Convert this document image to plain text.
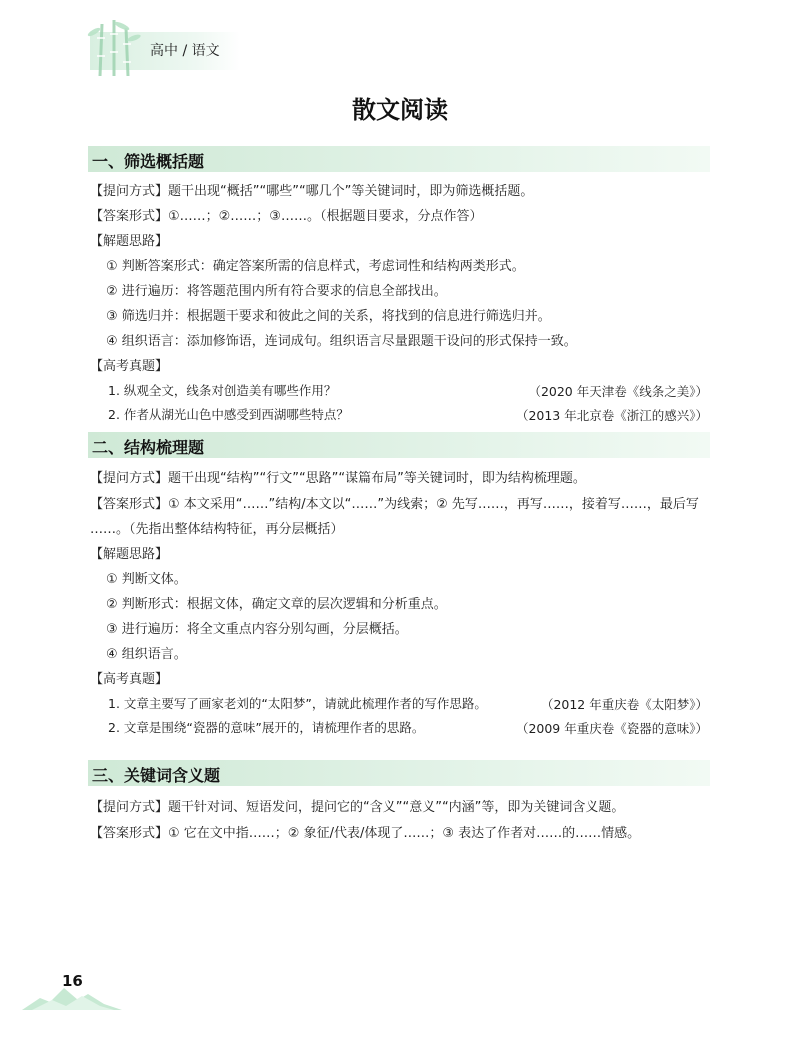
高中 / 语文
散文阅读
一、筛选概括题
【提问方式】题干出现“概括”“哪些”“哪几个”等关键词时，即为筛选概括题。
【答案形式】①……；②……；③……。（根据题目要求，分点作答）
【解题思路】
① 判断答案形式：确定答案所需的信息样式，考虑词性和结构两类形式。
② 进行遍历：将答题范围内所有符合要求的信息全部找出。
③ 筛选归并：根据题干要求和彼此之间的关系，将找到的信息进行筛选归并。
④ 组织语言：添加修饰语，连词成句。组织语言尽量跟题干设问的形式保持一致。
【高考真题】
1. 纵观全文，线条对创造美有哪些作用？	（2020 年天津卷《线条之美》）
2. 作者从湖光山色中感受到西湖哪些特点？	（2013 年北京卷《浙江的感兴》）
二、结构梳理题
【提问方式】题干出现“结构”“行文”“思路”“谋篇布局”等关键词时，即为结构梳理题。
【答案形式】① 本文采用“……”结构/本文以“……”为线索；② 先写……，再写……，接着写……，最后写
……。（先指出整体结构特征，再分层概括）
【解题思路】
① 判断文体。
② 判断形式：根据文体，确定文章的层次逻辑和分析重点。
③ 进行遍历：将全文重点内容分别勾画，分层概括。
④ 组织语言。
【高考真题】
1. 文章主要写了画家老刘的“太阳梦”，请就此梳理作者的写作思路。	（2012 年重庆卷《太阳梦》）
2. 文章是围绕“瓷器的意味”展开的，请梳理作者的思路。	（2009 年重庆卷《瓷器的意味》）
三、关键词含义题
【提问方式】题干针对词、短语发问，提问它的“含义”“意义”“内涵”等，即为关键词含义题。
【答案形式】① 它在文中指……；② 象征/代表/体现了……；③ 表达了作者对……的……情感。
16
